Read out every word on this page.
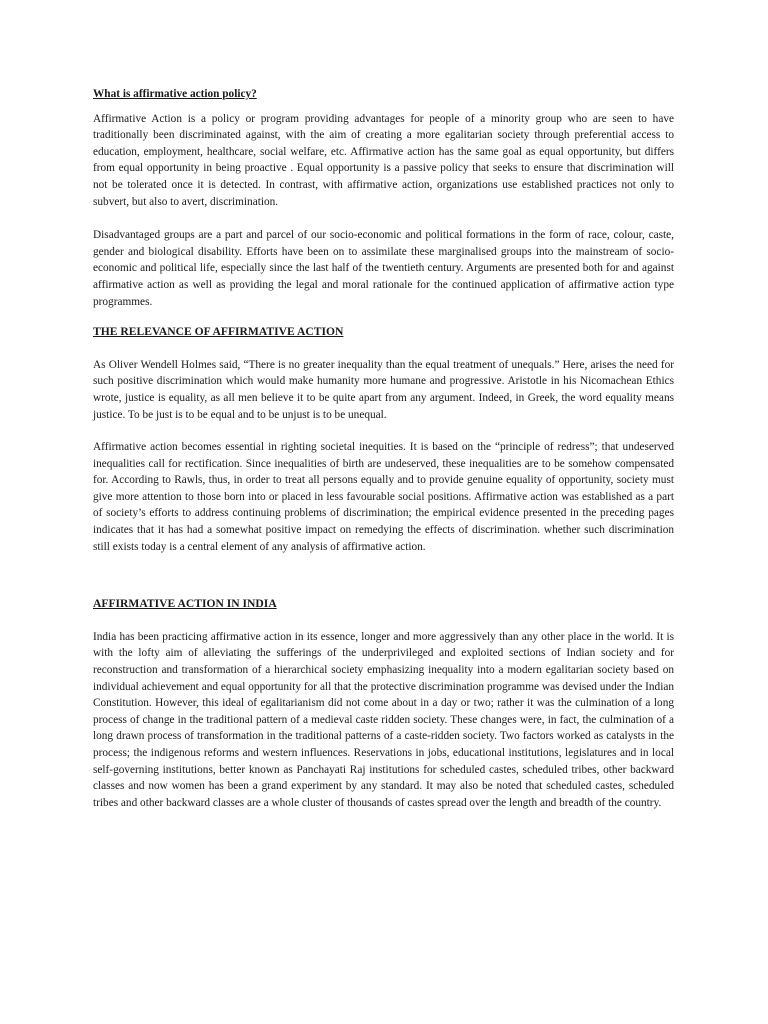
What is affirmative action policy?

Affirmative Action is a policy or program providing advantages for people of a minority group who are seen to have traditionally been discriminated against, with the aim of creating a more egalitarian society through preferential access to education, employment, healthcare, social welfare, etc. Affirmative action has the same goal as equal opportunity, but differs from equal opportunity in being proactive . Equal opportunity is a passive policy that seeks to ensure that discrimination will not be tolerated once it is detected. In contrast, with affirmative action, organizations use established practices not only to subvert, but also to avert, discrimination.

Disadvantaged groups are a part and parcel of our socio-economic and political formations in the form of race, colour, caste, gender and biological disability. Efforts have been on to assimilate these marginalised groups into the mainstream of socio-economic and political life, especially since the last half of the twentieth century. Arguments are presented both for and against affirmative action as well as providing the legal and moral rationale for the continued application of affirmative action type programmes.

THE RELEVANCE OF AFFIRMATIVE ACTION

As Oliver Wendell Holmes said, “There is no greater inequality than the equal treatment of unequals.” Here, arises the need for such positive discrimination which would make humanity more humane and progressive. Aristotle in his Nicomachean Ethics wrote, justice is equality, as all men believe it to be quite apart from any argument. Indeed, in Greek, the word equality means justice. To be just is to be equal and to be unjust is to be unequal.

Affirmative action becomes essential in righting societal inequities. It is based on the “principle of redress”; that undeserved inequalities call for rectification. Since inequalities of birth are undeserved, these inequalities are to be somehow compensated for. According to Rawls, thus, in order to treat all persons equally and to provide genuine equality of opportunity, society must give more attention to those born into or placed in less favourable social positions. Affirmative action was established as a part of society’s efforts to address continuing problems of discrimination; the empirical evidence presented in the preceding pages indicates that it has had a somewhat positive impact on remedying the effects of discrimination. whether such discrimination still exists today is a central element of any analysis of affirmative action.

AFFIRMATIVE ACTION IN INDIA

India has been practicing affirmative action in its essence, longer and more aggressively than any other place in the world. It is with the lofty aim of alleviating the sufferings of the underprivileged and exploited sections of Indian society and for reconstruction and transformation of a hierarchical society emphasizing inequality into a modern egalitarian society based on individual achievement and equal opportunity for all that the protective discrimination programme was devised under the Indian Constitution. However, this ideal of egalitarianism did not come about in a day or two; rather it was the culmination of a long process of change in the traditional pattern of a medieval caste ridden society. These changes were, in fact, the culmination of a long drawn process of transformation in the traditional patterns of a caste-ridden society. Two factors worked as catalysts in the process; the indigenous reforms and western influences. Reservations in jobs, educational institutions, legislatures and in local self-governing institutions, better known as Panchayati Raj institutions for scheduled castes, scheduled tribes, other backward classes and now women has been a grand experiment by any standard. It may also be noted that scheduled castes, scheduled tribes and other backward classes are a whole cluster of thousands of castes spread over the length and breadth of the country.
